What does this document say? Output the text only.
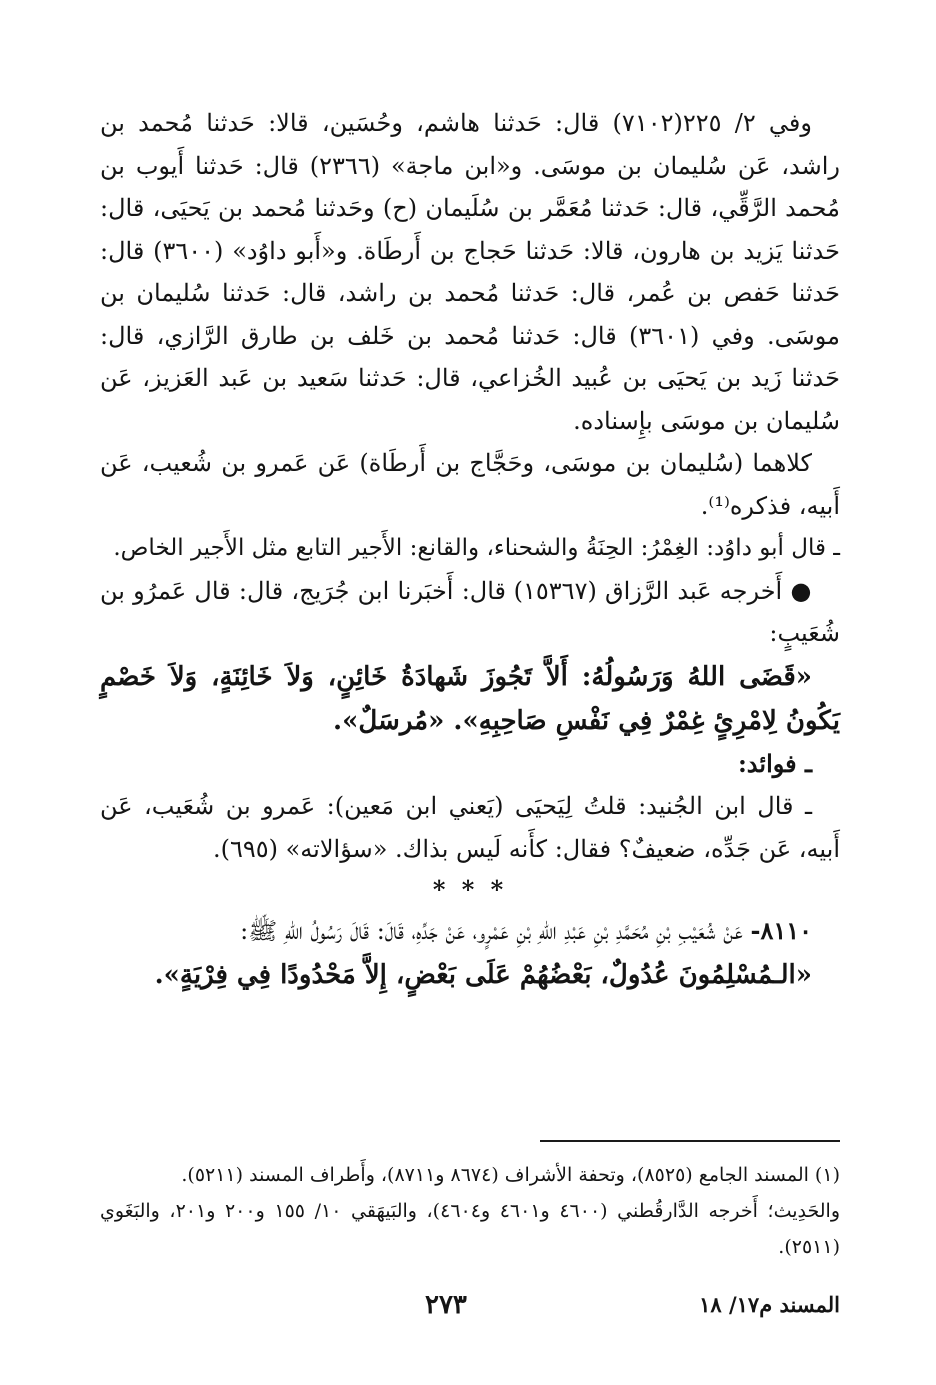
وفي ٢/ ٢٢٥(٧١٠٢) قال: حَدثنا هاشم، وحُسَين، قالا: حَدثنا مُحمد بن راشد، عَن سُليمان بن موسَى. و«ابن ماجة» (٢٣٦٦) قال: حَدثنا أَيوب بن مُحمد الرَّقِّي، قال: حَدثنا مُعَمَّر بن سُلَيمان (ح) وحَدثنا مُحمد بن يَحيَى، قال: حَدثنا يَزيد بن هارون، قالا: حَدثنا حَجاج بن أَرطَاة. و«أَبو داوُد» (٣٦٠٠) قال: حَدثنا حَفص بن عُمر، قال: حَدثنا مُحمد بن راشد، قال: حَدثنا سُليمان بن موسَى. وفي (٣٦٠١) قال: حَدثنا مُحمد بن خَلف بن طارق الرَّازي، قال: حَدثنا زَيد بن يَحيَى بن عُبيد الخُزاعي، قال: حَدثنا سَعيد بن عَبد العَزيز، عَن سُليمان بن موسَى بإِسناده.

كلاهما (سُليمان بن موسَى، وحَجَّاج بن أَرطَاة) عَن عَمرو بن شُعيب، عَن أَبيه، فذكره⁽¹⁾.

ـ قال أبو داوُد: الغِمْرُ: الحِنَةُ والشحناء، والقانع: الأَجير التابع مثل الأَجير الخاص.

● أَخرجه عَبد الرَّزاق (١٥٣٦٧) قال: أَخبَرنا ابن جُرَيج، قال: قال عَمرُو بن شُعَيبٍ:

«قَضَى اللهُ وَرَسُولُهُ: أَلاَّ تَجُوزَ شَهادَةُ خَائِنٍ، وَلاَ خَائِنَةٍ، وَلاَ خَصْمٍ يَكُونُ لِامْرِئٍ غِمْرٌ فِي نَفْسِ صَاحِبِهِ». «مُرسَلٌ».

ـ فوائد:

ـ قال ابن الجُنيد: قلتُ لِيَحيَى (يَعني ابن مَعين): عَمرو بن شُعَيب، عَن أَبيه، عَن جَدِّه، ضعيفٌ؟ فقال: كأَنه لَيس بذاك. «سؤالاته» (٦٩٥).

* * *

٨١١٠- عَنْ شُعَيْبِ بْنِ مُحَمَّدِ بْنِ عَبْدِ اللهِ بْنِ عَمْرٍو، عَنْ جَدِّهِ، قَالَ: قَالَ رَسُولُ اللهِ ﷺ:

«الـمُسْلِمُونَ عُدُولٌ، بَعْضُهُمْ عَلَى بَعْضٍ، إِلاَّ مَحْدُودًا فِي فِرْيَةٍ».

(١) المسند الجامع (٨٥٢٥)، وتحفة الأشراف (٨٦٧٤ و٨٧١١)، وأَطراف المسند (٥٢١١).

والحَدِيث؛ أَخرجه الدَّارقُطني (٤٦٠٠ و٤٦٠١ و٤٦٠٤)، والبَيهَقي ١٠/ ١٥٥ و٢٠٠ و٢٠١، والبَغَوي (٢٥١١).

المسند م١٧/ ١٨
٢٧٣
